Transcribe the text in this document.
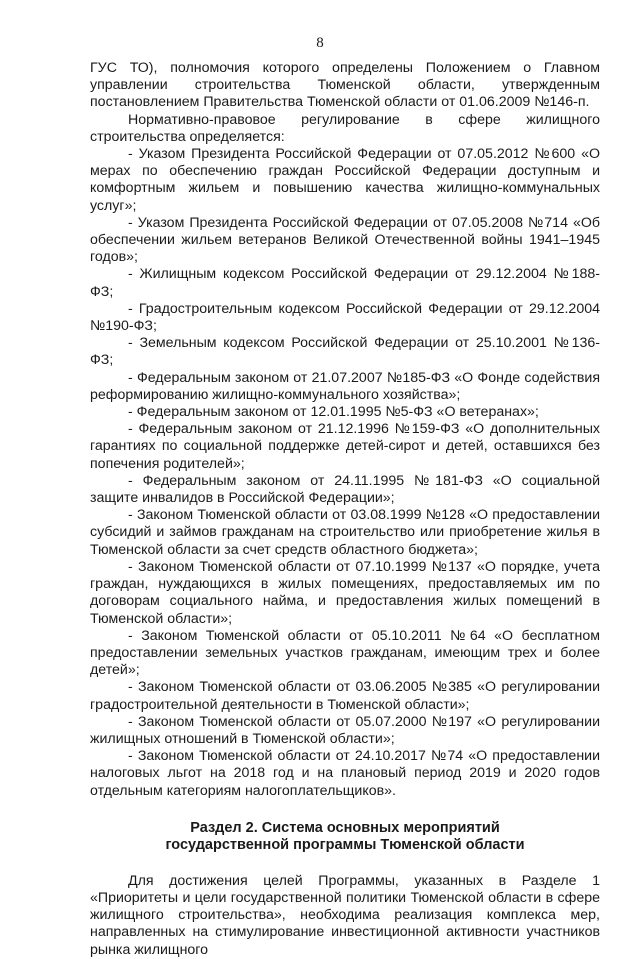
8

ГУС ТО), полномочия которого определены Положением о Главном управлении строительства Тюменской области, утвержденным постановлением Правительства Тюменской области от 01.06.2009 №146-п.

Нормативно-правовое регулирование в сфере жилищного строительства определяется:

- Указом Президента Российской Федерации от 07.05.2012 №600 «О мерах по обеспечению граждан Российской Федерации доступным и комфортным жильем и повышению качества жилищно-коммунальных услуг»;

- Указом Президента Российской Федерации от 07.05.2008 №714 «Об обеспечении жильем ветеранов Великой Отечественной войны 1941–1945 годов»;

- Жилищным кодексом Российской Федерации от 29.12.2004 №188-ФЗ;

- Градостроительным кодексом Российской Федерации от 29.12.2004 №190-ФЗ;

- Земельным кодексом Российской Федерации от 25.10.2001 №136-ФЗ;

- Федеральным законом от 21.07.2007 №185-ФЗ «О Фонде содействия реформированию жилищно-коммунального хозяйства»;

- Федеральным законом от 12.01.1995 №5-ФЗ «О ветеранах»;

- Федеральным законом от 21.12.1996 №159-ФЗ «О дополнительных гарантиях по социальной поддержке детей-сирот и детей, оставшихся без попечения родителей»;

- Федеральным законом от 24.11.1995 №181-ФЗ «О социальной защите инвалидов в Российской Федерации»;

- Законом Тюменской области от 03.08.1999 №128 «О предоставлении субсидий и займов гражданам на строительство или приобретение жилья в Тюменской области за счет средств областного бюджета»;

- Законом Тюменской области от 07.10.1999 №137 «О порядке, учета граждан, нуждающихся в жилых помещениях, предоставляемых им по договорам социального найма, и предоставления жилых помещений в Тюменской области»;

- Законом Тюменской области от 05.10.2011 №64 «О бесплатном предоставлении земельных участков гражданам, имеющим трех и более детей»;

- Законом Тюменской области от 03.06.2005 №385 «О регулировании градостроительной деятельности в Тюменской области»;

- Законом Тюменской области от 05.07.2000 №197 «О регулировании жилищных отношений в Тюменской области»;

- Законом Тюменской области от 24.10.2017 №74 «О предоставлении налоговых льгот на 2018 год и на плановый период 2019 и 2020 годов отдельным категориям налогоплательщиков».

Раздел 2. Система основных мероприятий
государственной программы Тюменской области

Для достижения целей Программы, указанных в Разделе 1 «Приоритеты и цели государственной политики Тюменской области в сфере жилищного строительства», необходима реализация комплекса мер, направленных на стимулирование инвестиционной активности участников рынка жилищного
